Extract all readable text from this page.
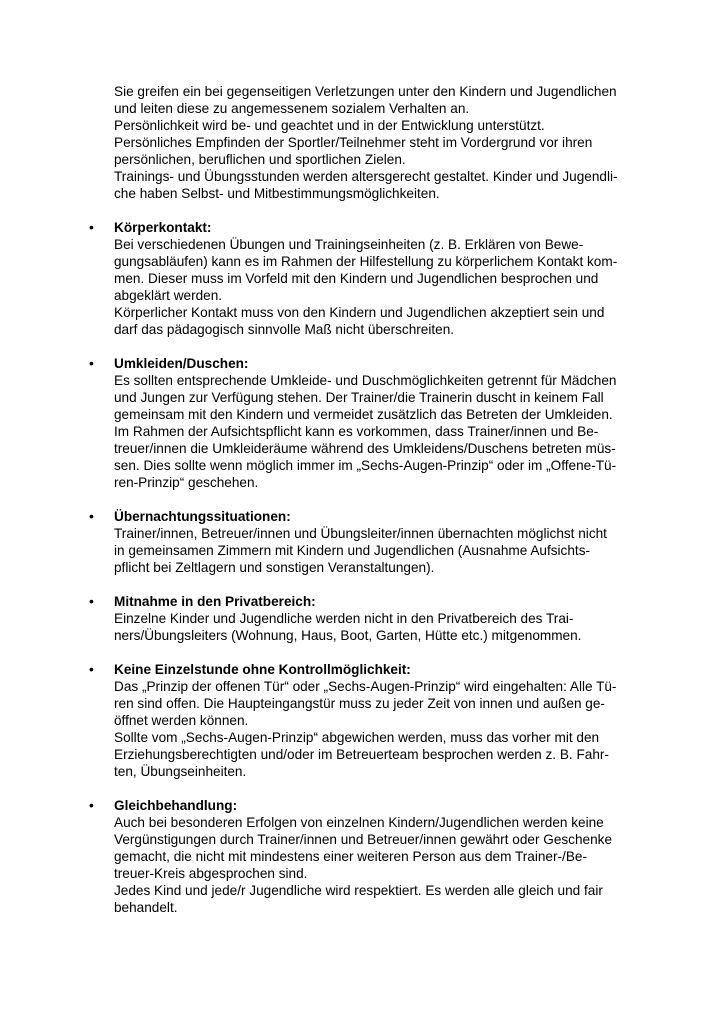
Sie greifen ein bei gegenseitigen Verletzungen unter den Kindern und Jugendlichen
und leiten diese zu angemessenem sozialem Verhalten an.
Persönlichkeit wird be- und geachtet und in der Entwicklung unterstützt.
Persönliches Empfinden der Sportler/Teilnehmer steht im Vordergrund vor ihren
persönlichen, beruflichen und sportlichen Zielen.
Trainings- und Übungsstunden werden altersgerecht gestaltet. Kinder und Jugendli-
che haben Selbst- und Mitbestimmungsmöglichkeiten.
•	Körperkontakt:
Bei verschiedenen Übungen und Trainingseinheiten (z. B. Erklären von Bewe-
gungsabläufen) kann es im Rahmen der Hilfestellung zu körperlichem Kontakt kom-
men. Dieser muss im Vorfeld mit den Kindern und Jugendlichen besprochen und
abgeklärt werden.
Körperlicher Kontakt muss von den Kindern und Jugendlichen akzeptiert sein und
darf das pädagogisch sinnvolle Maß nicht überschreiten.
•	Umkleiden/Duschen:
Es sollten entsprechende Umkleide- und Duschmöglichkeiten getrennt für Mädchen
und Jungen zur Verfügung stehen. Der Trainer/die Trainerin duscht in keinem Fall
gemeinsam mit den Kindern und vermeidet zusätzlich das Betreten der Umkleiden.
Im Rahmen der Aufsichtspflicht kann es vorkommen, dass Trainer/innen und Be-
treuer/innen die Umkleideräume während des Umkleidens/Duschens betreten müs-
sen. Dies sollte wenn möglich immer im „Sechs-Augen-Prinzip“ oder im „Offene-Tü-
ren-Prinzip“ geschehen.
•	Übernachtungssituationen:
Trainer/innen, Betreuer/innen und Übungsleiter/innen übernachten möglichst nicht
in gemeinsamen Zimmern mit Kindern und Jugendlichen (Ausnahme Aufsichts-
pflicht bei Zeltlagern und sonstigen Veranstaltungen).
•	Mitnahme in den Privatbereich:
Einzelne Kinder und Jugendliche werden nicht in den Privatbereich des Trai-
ners/Übungsleiters (Wohnung, Haus, Boot, Garten, Hütte etc.) mitgenommen.
•	Keine Einzelstunde ohne Kontrollmöglichkeit:
Das „Prinzip der offenen Tür“ oder „Sechs-Augen-Prinzip“ wird eingehalten: Alle Tü-
ren sind offen. Die Haupteingangstür muss zu jeder Zeit von innen und außen ge-
öffnet werden können.
Sollte vom „Sechs-Augen-Prinzip“ abgewichen werden, muss das vorher mit den
Erziehungsberechtigten und/oder im Betreuerteam besprochen werden z. B. Fahr-
ten, Übungseinheiten.
•	Gleichbehandlung:
Auch bei besonderen Erfolgen von einzelnen Kindern/Jugendlichen werden keine
Vergünstigungen durch Trainer/innen und Betreuer/innen gewährt oder Geschenke
gemacht, die nicht mit mindestens einer weiteren Person aus dem Trainer-/Be-
treuer-Kreis abgesprochen sind.
Jedes Kind und jede/r Jugendliche wird respektiert. Es werden alle gleich und fair
behandelt.
